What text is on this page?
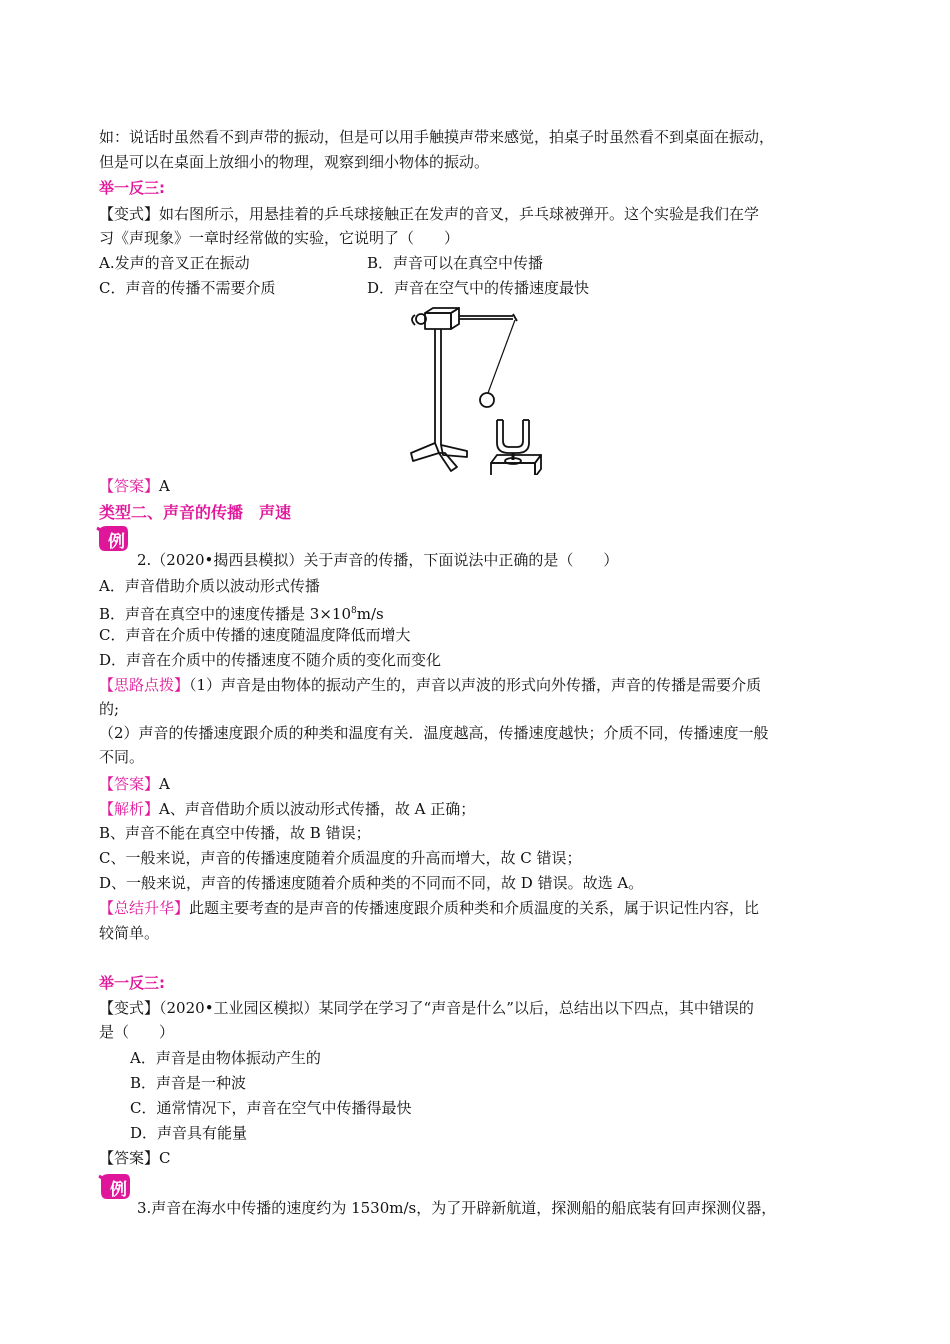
如：说话时虽然看不到声带的振动，但是可以用手触摸声带来感觉，拍桌子时虽然看不到桌面在振动，
但是可以在桌面上放细小的物理，观察到细小物体的振动。
举一反三:
【变式】如右图所示，用悬挂着的乒乓球接触正在发声的音叉，乒乓球被弹开。这个实验是我们在学
习《声现象》一章时经常做的实验，它说明了（　　）
A.发声的音叉正在振动	B．声音可以在真空中传播
C．声音的传播不需要介质	D．声音在空气中的传播速度最快
【答案】A
类型二、声音的传播　声速
例
2.（2020•揭西县模拟）关于声音的传播，下面说法中正确的是（　　）
A．声音借助介质以波动形式传播
B．声音在真空中的速度传播是 $3\times 10^8m/s$
C．声音在介质中传播的速度随温度降低而增大
D．声音在介质中的传播速度不随介质的变化而变化
【思路点拨】（1）声音是由物体的振动产生的，声音以声波的形式向外传播，声音的传播是需要介质
的;
（2）声音的传播速度跟介质的种类和温度有关．温度越高，传播速度越快；介质不同，传播速度一般
不同。
【答案】A
【解析】A、声音借助介质以波动形式传播，故 A 正确；
B、声音不能在真空中传播，故 B 错误；
C、一般来说，声音的传播速度随着介质温度的升高而增大，故 C 错误；
D、一般来说，声音的传播速度随着介质种类的不同而不同，故 D 错误。故选 A。
【总结升华】此题主要考查的是声音的传播速度跟介质种类和介质温度的关系，属于识记性内容，比
较简单。
举一反三:
【变式】（2020•工业园区模拟）某同学在学习了“声音是什么”以后，总结出以下四点，其中错误的
是（　　）
A．声音是由物体振动产生的
B．声音是一种波
C．通常情况下，声音在空气中传播得最快
D．声音具有能量
【答案】C
例
3.声音在海水中传播的速度约为 1530m/s，为了开辟新航道，探测船的船底装有回声探测仪器，
